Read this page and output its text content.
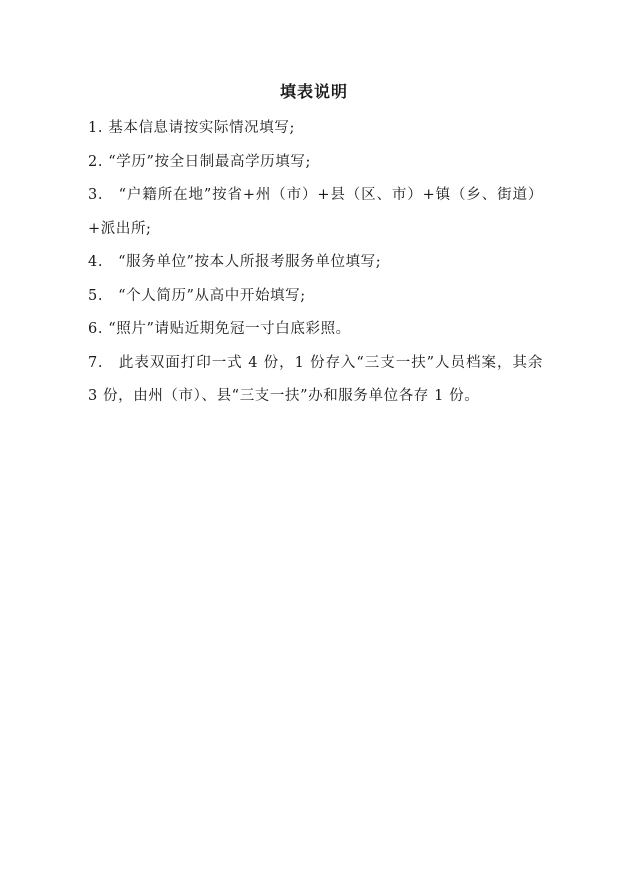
填表说明

1. 基本信息请按实际情况填写;

2. “学历”按全日制最高学历填写;

3.　“户籍所在地”按省+州（市）+县（区、市）+镇（乡、街道）+派出所;

4.　“服务单位”按本人所报考服务单位填写;

5.　“个人简历”从高中开始填写;

6. “照片”请贴近期免冠一寸白底彩照。

7.　此表双面打印一式 4 份，1 份存入“三支一扶”人员档案，其余 3 份，由州（市）、县“三支一扶”办和服务单位各存 1 份。
